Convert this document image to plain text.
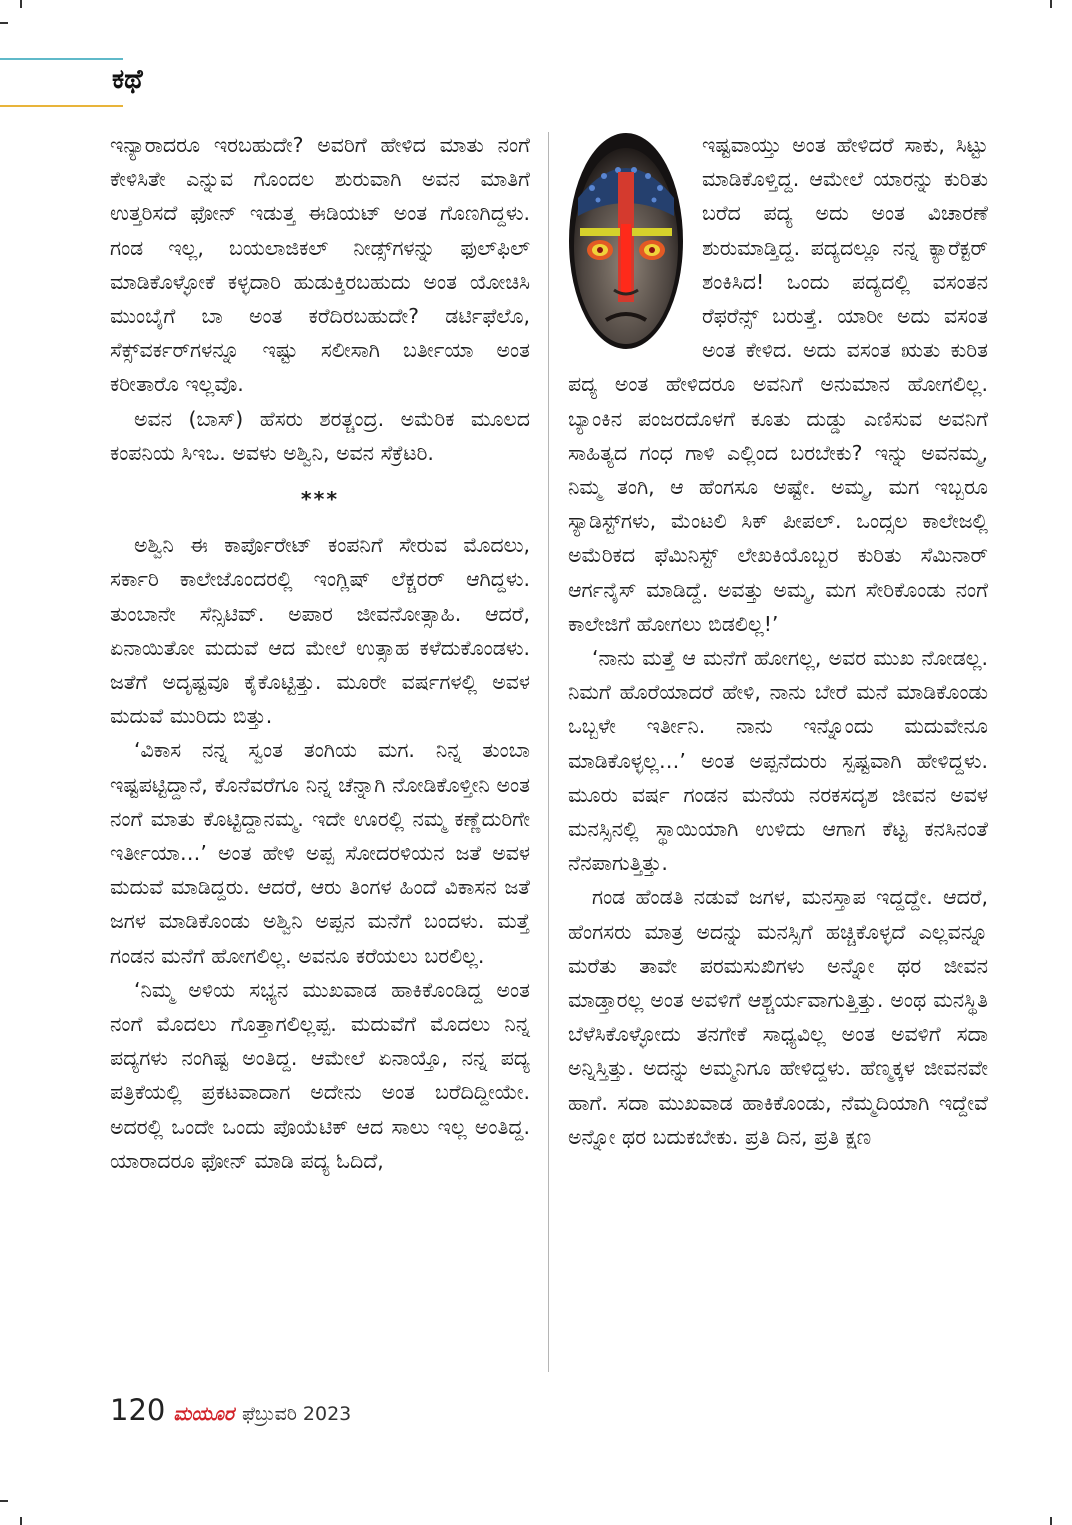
ಕಥೆ

ಇನ್ಯಾರಾದರೂ ಇರಬಹುದೇ? ಅವರಿಗೆ ಹೇಳಿದ ಮಾತು ನಂಗೆ ಕೇಳಿಸಿತೇ ಎನ್ನುವ ಗೊಂದಲ ಶುರುವಾಗಿ ಅವನ ಮಾತಿಗೆ ಉತ್ತರಿಸದೆ ಫೋನ್ ಇಡುತ್ತ ಈಡಿಯಟ್ ಅಂತ ಗೊಣಗಿದ್ದಳು. ಗಂಡ ಇಲ್ಲ, ಬಯಲಾಜಿಕಲ್ ನೀಡ್ಸ್‌ಗಳನ್ನು ಫುಲ್‌ಫಿಲ್ ಮಾಡಿಕೊಳ್ಳೋಕೆ ಕಳ್ಳದಾರಿ ಹುಡುಕ್ತಿರಬಹುದು ಅಂತ ಯೋಚಿಸಿ ಮುಂಬೈಗೆ ಬಾ ಅಂತ ಕರೆದಿರಬಹುದೇ? ಡರ್ಟಿಫೆಲೊ, ಸೆಕ್ಸ್‌ವರ್ಕರ್‌ಗಳನ್ನೂ ಇಷ್ಟು ಸಲೀಸಾಗಿ ಬರ್ತೀಯಾ ಅಂತ ಕರೀತಾರೊ ಇಲ್ಲವೊ.

ಅವನ (ಬಾಸ್) ಹೆಸರು ಶರತ್ಚಂದ್ರ. ಅಮೆರಿಕ ಮೂಲದ ಕಂಪನಿಯ ಸಿಇಒ. ಅವಳು ಅಶ್ವಿನಿ, ಅವನ ಸೆಕ್ರೆಟರಿ.

***

ಅಶ್ವಿನಿ ಈ ಕಾರ್ಪೊರೇಟ್ ಕಂಪನಿಗೆ ಸೇರುವ ಮೊದಲು, ಸರ್ಕಾರಿ ಕಾಲೇಜೊಂದರಲ್ಲಿ ಇಂಗ್ಲಿಷ್ ಲೆಕ್ಚರರ್ ಆಗಿದ್ದಳು. ತುಂಬಾನೇ ಸೆನ್ಸಿಟಿವ್. ಅಪಾರ ಜೀವನೋತ್ಸಾಹಿ. ಆದರೆ, ಏನಾಯಿತೋ ಮದುವೆ ಆದ ಮೇಲೆ ಉತ್ಸಾಹ ಕಳೆದುಕೊಂಡಳು. ಜತೆಗೆ ಅದೃಷ್ಟವೂ ಕೈಕೊಟ್ಟಿತ್ತು. ಮೂರೇ ವರ್ಷಗಳಲ್ಲಿ ಅವಳ ಮದುವೆ ಮುರಿದು ಬಿತ್ತು.

‘ವಿಕಾಸ ನನ್ನ ಸ್ವಂತ ತಂಗಿಯ ಮಗ. ನಿನ್ನ ತುಂಬಾ ಇಷ್ಟಪಟ್ಟಿದ್ದಾನೆ, ಕೊನೆವರೆಗೂ ನಿನ್ನ ಚೆನ್ನಾಗಿ ನೋಡಿಕೊಳ್ತೀನಿ ಅಂತ ನಂಗೆ ಮಾತು ಕೊಟ್ಟಿದ್ದಾನಮ್ಮ. ಇದೇ ಊರಲ್ಲಿ ನಮ್ಮ ಕಣ್ಣೆದುರಿಗೇ ಇರ್ತೀಯಾ…’ ಅಂತ ಹೇಳಿ ಅಪ್ಪ ಸೋದರಳಿಯನ ಜತೆ ಅವಳ ಮದುವೆ ಮಾಡಿದ್ದರು. ಆದರೆ, ಆರು ತಿಂಗಳ ಹಿಂದೆ ವಿಕಾಸನ ಜತೆ ಜಗಳ ಮಾಡಿಕೊಂಡು ಅಶ್ವಿನಿ ಅಪ್ಪನ ಮನೆಗೆ ಬಂದಳು. ಮತ್ತೆ ಗಂಡನ ಮನೆಗೆ ಹೋಗಲಿಲ್ಲ. ಅವನೂ ಕರೆಯಲು ಬರಲಿಲ್ಲ.

‘ನಿಮ್ಮ ಅಳಿಯ ಸಭ್ಯನ ಮುಖವಾಡ ಹಾಕಿಕೊಂಡಿದ್ದ ಅಂತ ನಂಗೆ ಮೊದಲು ಗೊತ್ತಾಗಲಿಲ್ಲಪ್ಪ. ಮದುವೆಗೆ ಮೊದಲು ನಿನ್ನ ಪದ್ಯಗಳು ನಂಗಿಷ್ಟ ಅಂತಿದ್ದ. ಆಮೇಲೆ ಏನಾಯ್ತೊ, ನನ್ನ ಪದ್ಯ ಪತ್ರಿಕೆಯಲ್ಲಿ ಪ್ರಕಟವಾದಾಗ ಅದೇನು ಅಂತ ಬರೆದಿದ್ದೀಯೇ. ಅದರಲ್ಲಿ ಒಂದೇ ಒಂದು ಪೊಯೆಟಿಕ್ ಆದ ಸಾಲು ಇಲ್ಲ ಅಂತಿದ್ದ. ಯಾರಾದರೂ ಫೋನ್ ಮಾಡಿ ಪದ್ಯ ಓದಿದೆ,

ಇಷ್ಟವಾಯ್ತು ಅಂತ ಹೇಳಿದರೆ ಸಾಕು, ಸಿಟ್ಟು ಮಾಡಿಕೊಳ್ತಿದ್ದ. ಆಮೇಲೆ ಯಾರನ್ನು ಕುರಿತು ಬರೆದ ಪದ್ಯ ಅದು ಅಂತ ವಿಚಾರಣೆ ಶುರುಮಾಡ್ತಿದ್ದ. ಪದ್ಯದಲ್ಲೂ ನನ್ನ ಕ್ಯಾರೆಕ್ಟರ್ ಶಂಕಿಸಿದ! ಒಂದು ಪದ್ಯದಲ್ಲಿ ವಸಂತನ ರೆಫರೆನ್ಸ್ ಬರುತ್ತೆ. ಯಾರೀ ಅದು ವಸಂತ ಅಂತ ಕೇಳಿದ. ಅದು ವಸಂತ ಋತು ಕುರಿತ ಪದ್ಯ ಅಂತ ಹೇಳಿದರೂ ಅವನಿಗೆ ಅನುಮಾನ ಹೋಗಲಿಲ್ಲ. ಬ್ಯಾಂಕಿನ ಪಂಜರದೊಳಗೆ ಕೂತು ದುಡ್ಡು ಎಣಿಸುವ ಅವನಿಗೆ ಸಾಹಿತ್ಯದ ಗಂಧ ಗಾಳಿ ಎಲ್ಲಿಂದ ಬರಬೇಕು? ಇನ್ನು ಅವನಮ್ಮ, ನಿಮ್ಮ ತಂಗಿ, ಆ ಹೆಂಗಸೂ ಅಷ್ಟೇ. ಅಮ್ಮ, ಮಗ ಇಬ್ಬರೂ ಸ್ಯಾಡಿಸ್ಟ್‌ಗಳು, ಮೆಂಟಲಿ ಸಿಕ್ ಪೀಪಲ್. ಒಂದ್ಸಲ ಕಾಲೇಜಲ್ಲಿ ಅಮೆರಿಕದ ಫೆಮಿನಿಸ್ಟ್ ಲೇಖಕಿಯೊಬ್ಬರ ಕುರಿತು ಸೆಮಿನಾರ್ ಆರ್ಗನೈಸ್ ಮಾಡಿದ್ದೆ. ಅವತ್ತು ಅಮ್ಮ, ಮಗ ಸೇರಿಕೊಂಡು ನಂಗೆ ಕಾಲೇಜಿಗೆ ಹೋಗಲು ಬಿಡಲಿಲ್ಲ!’

‘ನಾನು ಮತ್ತೆ ಆ ಮನೆಗೆ ಹೋಗಲ್ಲ, ಅವರ ಮುಖ ನೋಡಲ್ಲ. ನಿಮಗೆ ಹೊರೆಯಾದರೆ ಹೇಳಿ, ನಾನು ಬೇರೆ ಮನೆ ಮಾಡಿಕೊಂಡು ಒಬ್ಬಳೇ ಇರ್ತೀನಿ. ನಾನು ಇನ್ನೊಂದು ಮದುವೇನೂ ಮಾಡಿಕೊಳ್ಳಲ್ಲ…’ ಅಂತ ಅಪ್ಪನೆದುರು ಸ್ಪಷ್ಟವಾಗಿ ಹೇಳಿದ್ದಳು. ಮೂರು ವರ್ಷ ಗಂಡನ ಮನೆಯ ನರಕಸದೃಶ ಜೀವನ ಅವಳ ಮನಸ್ಸಿನಲ್ಲಿ ಸ್ಥಾಯಿಯಾಗಿ ಉಳಿದು ಆಗಾಗ ಕೆಟ್ಟ ಕನಸಿನಂತೆ ನೆನಪಾಗುತ್ತಿತ್ತು.

ಗಂಡ ಹೆಂಡತಿ ನಡುವೆ ಜಗಳ, ಮನಸ್ತಾಪ ಇದ್ದದ್ದೇ. ಆದರೆ, ಹೆಂಗಸರು ಮಾತ್ರ ಅದನ್ನು ಮನಸ್ಸಿಗೆ ಹಚ್ಚಿಕೊಳ್ಳದೆ ಎಲ್ಲವನ್ನೂ ಮರೆತು ತಾವೇ ಪರಮಸುಖಿಗಳು ಅನ್ನೋ ಥರ ಜೀವನ ಮಾಡ್ತಾರಲ್ಲ ಅಂತ ಅವಳಿಗೆ ಆಶ್ಚರ್ಯವಾಗುತ್ತಿತ್ತು. ಅಂಥ ಮನಸ್ಥಿತಿ ಬೆಳೆಸಿಕೊಳ್ಳೋದು ತನಗೇಕೆ ಸಾಧ್ಯವಿಲ್ಲ ಅಂತ ಅವಳಿಗೆ ಸದಾ ಅನ್ನಿಸ್ತಿತ್ತು. ಅದನ್ನು ಅಮ್ಮನಿಗೂ ಹೇಳಿದ್ದಳು. ಹೆಣ್ಮಕ್ಕಳ ಜೀವನವೇ ಹಾಗೆ. ಸದಾ ಮುಖವಾಡ ಹಾಕಿಕೊಂಡು, ನೆಮ್ಮದಿಯಾಗಿ ಇದ್ದೇವೆ ಅನ್ನೋ ಥರ ಬದುಕಬೇಕು. ಪ್ರತಿ ದಿನ, ಪ್ರತಿ ಕ್ಷಣ

120 ಮಯೂರ ಫೆಬ್ರುವರಿ 2023
